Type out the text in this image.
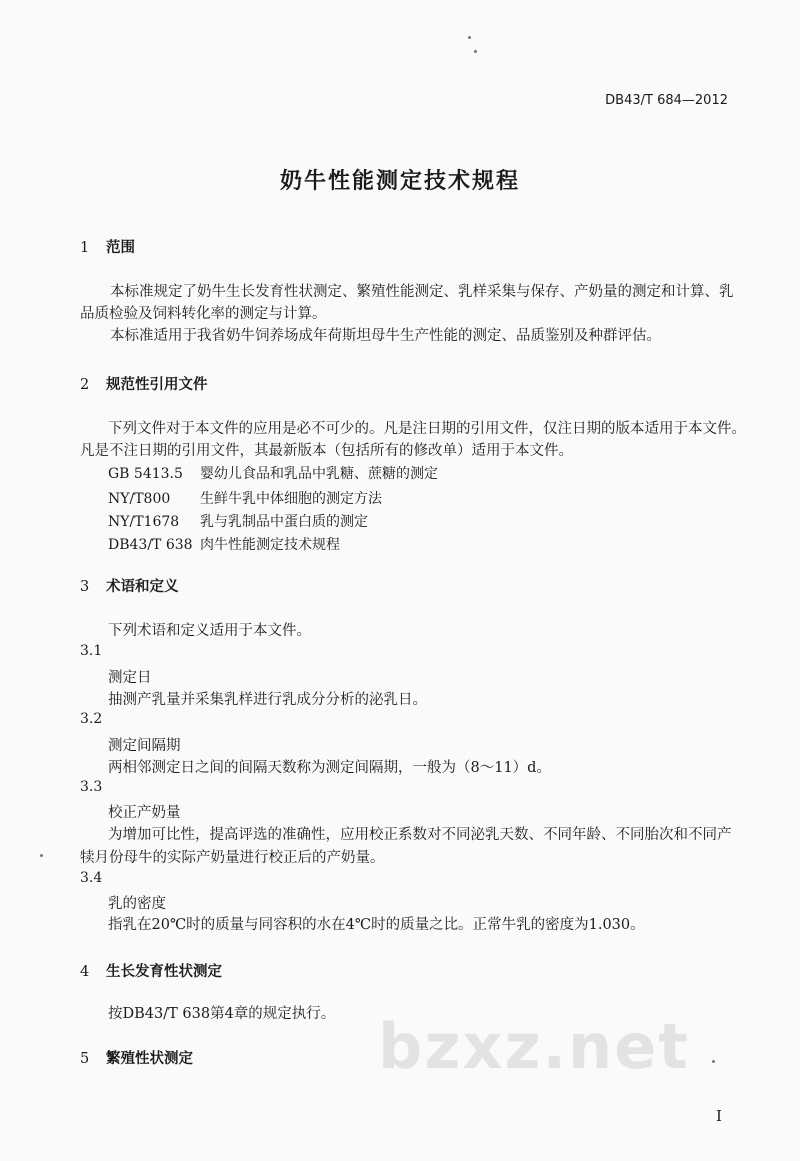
DB43/T 684—2012
奶牛性能测定技术规程
1 范围
本标准规定了奶牛生长发育性状测定、繁殖性能测定、乳样采集与保存、产奶量的测定和计算、乳
品质检验及饲料转化率的测定与计算。
本标准适用于我省奶牛饲养场成年荷斯坦母牛生产性能的测定、品质鉴别及种群评估。
2 规范性引用文件
下列文件对于本文件的应用是必不可少的。凡是注日期的引用文件，仅注日期的版本适用于本文件。
凡是不注日期的引用文件，其最新版本（包括所有的修改单）适用于本文件。
GB 5413.5 婴幼儿食品和乳品中乳糖、蔗糖的测定
NY/T800 生鲜牛乳中体细胞的测定方法
NY/T1678 乳与乳制品中蛋白质的测定
DB43/T 638 肉牛性能测定技术规程
3 术语和定义
下列术语和定义适用于本文件。
3.1
测定日
抽测产乳量并采集乳样进行乳成分分析的泌乳日。
3.2
测定间隔期
两相邻测定日之间的间隔天数称为测定间隔期，一般为（8～11）d。
3.3
校正产奶量
为增加可比性，提高评选的准确性，应用校正系数对不同泌乳天数、不同年龄、不同胎次和不同产
犊月份母牛的实际产奶量进行校正后的产奶量。
3.4
乳的密度
指乳在20℃时的质量与同容积的水在4℃时的质量之比。正常牛乳的密度为1.030。
4 生长发育性状测定
按DB43/T 638第4章的规定执行。
5 繁殖性状测定	bzxz.net
I
